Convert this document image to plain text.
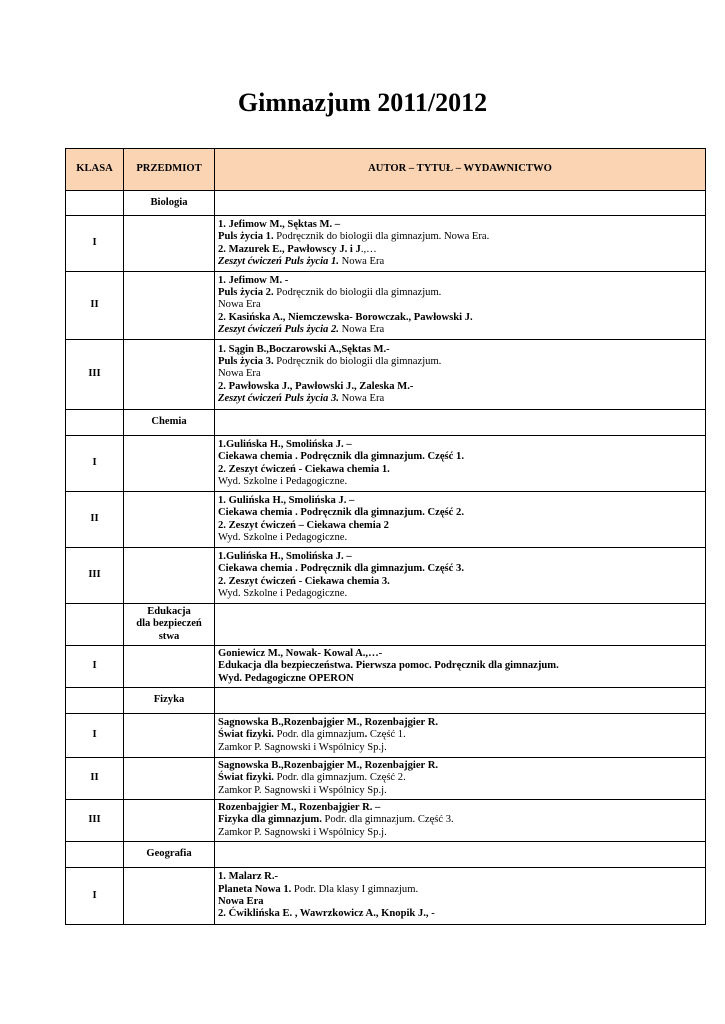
Gimnazjum 2011/2012
KLASA	PRZEDMIOT	AUTOR – TYTUŁ – WYDAWNICTWO
	Biologia	
I		1. Jefimow M., Sęktas M. –
Puls życia 1. Podręcznik do biologii dla gimnazjum. Nowa Era.
2. Mazurek E., Pawłowscy J. i J.,…
Zeszyt ćwiczeń Puls życia 1. Nowa Era

II		1. Jefimow M. -
Puls życia 2. Podręcznik do biologii dla gimnazjum.
Nowa Era
2. Kasińska A., Niemczewska- Borowczak., Pawłowski J.
Zeszyt ćwiczeń Puls życia 2. Nowa Era

III		1. Sągin B.,Boczarowski A.,Sęktas M.-
Puls życia 3. Podręcznik do biologii dla gimnazjum.
Nowa Era
2. Pawłowska J., Pawłowski J., Zaleska M.-
Zeszyt ćwiczeń Puls życia 3. Nowa Era

	Chemia	
I		1.Gulińska H., Smolińska J. –
Ciekawa chemia . Podręcznik dla gimnazjum. Część 1.
2. Zeszyt ćwiczeń - Ciekawa chemia 1.
Wyd. Szkolne i Pedagogiczne.

II		1. Gulińska H., Smolińska J. –
Ciekawa chemia . Podręcznik dla gimnazjum. Część 2.
2. Zeszyt ćwiczeń – Ciekawa chemia 2
Wyd. Szkolne i Pedagogiczne.

III		1.Gulińska H., Smolińska J. –
Ciekawa chemia . Podręcznik dla gimnazjum. Część 3.
2. Zeszyt ćwiczeń - Ciekawa chemia 3.
Wyd. Szkolne i Pedagogiczne.

	Edukacja
dla bezpieczeń
stwa	

I		Goniewicz M., Nowak- Kowal A.,…-
Edukacja dla bezpieczeństwa. Pierwsza pomoc. Podręcznik dla gimnazjum.
Wyd. Pedagogiczne OPERON

	Fizyka	
I		Sagnowska B.,Rozenbajgier M., Rozenbajgier R.
Świat fizyki. Podr. dla gimnazjum. Część 1.
Zamkor P. Sagnowski i Wspólnicy Sp.j.

II		Sagnowska B.,Rozenbajgier M., Rozenbajgier R.
Świat fizyki. Podr. dla gimnazjum. Część 2.
Zamkor P. Sagnowski i Wspólnicy Sp.j.

III		Rozenbajgier M., Rozenbajgier R. –
Fizyka dla gimnazjum. Podr. dla gimnazjum. Część 3.
Zamkor P. Sagnowski i Wspólnicy Sp.j.

	Geografia	
I		1. Malarz R.-
Planeta Nowa 1. Podr. Dla klasy I gimnazjum.
Nowa Era
2. Ćwiklińska E. , Wawrzkowicz A., Knopik J., -
